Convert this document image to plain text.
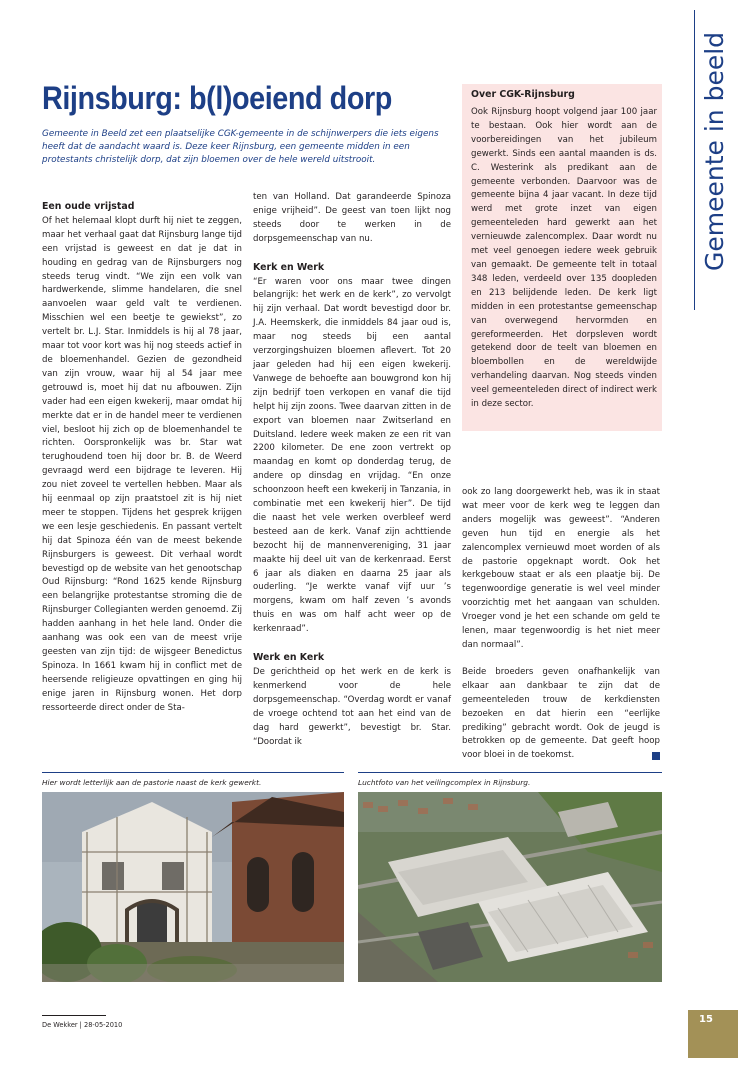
Gemeente in beeld
Rijnsburg: b(l)oeiend dorp
Gemeente in Beeld zet een plaatselijke CGK-gemeente in de schijnwerpers die iets eigens heeft dat de aandacht waard is. Deze keer Rijnsburg, een gemeente midden in een protestants christelijk dorp, dat zijn bloemen over de hele wereld uitstrooit.
Een oude vrijstad

Of het helemaal klopt durft hij niet te zeggen, maar het verhaal gaat dat Rijnsburg lange tijd een vrijstad is geweest en dat je dat in houding en gedrag van de Rijnsburgers nog steeds terug vindt. “We zijn een volk van hardwerkende, slimme handelaren, die snel aanvoelen waar geld valt te verdienen. Misschien wel een beetje te gewiekst”, zo vertelt br. L.J. Star. Inmiddels is hij al 78 jaar, maar tot voor kort was hij nog steeds actief in de bloemenhandel. Gezien de gezondheid van zijn vrouw, waar hij al 54 jaar mee getrouwd is, moet hij dat nu afbouwen. Zijn vader had een eigen kwekerij, maar omdat hij merkte dat er in de handel meer te verdienen viel, besloot hij zich op de bloemenhandel te richten. Oorspronkelijk was br. Star wat terughoudend toen hij door br. B. de Weerd gevraagd werd een bijdrage te leveren. Hij zou niet zoveel te vertellen hebben. Maar als hij eenmaal op zijn praatstoel zit is hij niet meer te stoppen. Tijdens het gesprek krijgen we een lesje geschiedenis. En passant vertelt hij dat Spinoza één van de meest bekende Rijnsburgers is geweest. Dit verhaal wordt bevestigd op de website van het genootschap Oud Rijnsburg: “Rond 1625 kende Rijnsburg een belangrijke protestantse stroming die de Rijnsburger Collegianten werden genoemd. Zij hadden aanhang in het hele land. Onder die aanhang was ook een van de meest vrije geesten van zijn tijd: de wijsgeer Benedictus Spinoza. In 1661 kwam hij in conflict met de heersende religieuze opvattingen en ging hij enige jaren in Rijnsburg wonen. Het dorp ressorteerde direct onder de Sta-

ten van Holland. Dat garandeerde Spinoza enige vrijheid”. De geest van toen lijkt nog steeds door te werken in de dorpsgemeenschap van nu.

Kerk en Werk

“Er waren voor ons maar twee dingen belangrijk: het werk en de kerk”, zo vervolgt hij zijn verhaal. Dat wordt bevestigd door br. J.A. Heemskerk, die inmiddels 84 jaar oud is, maar nog steeds bij een aantal verzorgingshuizen bloemen aflevert. Tot 20 jaar geleden had hij een eigen kwekerij. Vanwege de behoefte aan bouwgrond kon hij zijn bedrijf toen verkopen en vanaf die tijd helpt hij zijn zoons. Twee daarvan zitten in de export van bloemen naar Zwitserland en Duitsland. Iedere week maken ze een rit van 2200 kilometer. De ene zoon vertrekt op maandag en komt op donderdag terug, de andere op dinsdag en vrijdag. “En onze schoonzoon heeft een kwekerij in Tanzania, in combinatie met een kwekerij hier”. De tijd die naast het vele werken overbleef werd besteed aan de kerk. Vanaf zijn achttiende bezocht hij de mannenvereniging, 31 jaar maakte hij deel uit van de kerkenraad. Eerst 6 jaar als diaken en daarna 25 jaar als ouderling. “Je werkte vanaf vijf uur ’s morgens, kwam om half zeven ’s avonds thuis en was om half acht weer op de kerkenraad”.

Werk en Kerk

De gerichtheid op het werk en de kerk is kenmerkend voor de hele dorpsgemeenschap. “Overdag wordt er vanaf de vroege ochtend tot aan het eind van de dag hard gewerkt”, bevestigt br. Star. “Doordat ik

Over CGK-Rijnsburg
Ook Rijnsburg hoopt volgend jaar 100 jaar te bestaan. Ook hier wordt aan de voorbereidingen van het jubileum gewerkt. Sinds een aantal maanden is ds. C. Westerink als predikant aan de gemeente verbonden. Daarvoor was de gemeente bijna 4 jaar vacant. In deze tijd werd met grote inzet van eigen gemeenteleden hard gewerkt aan het vernieuwde zalencomplex. Daar wordt nu met veel genoegen iedere week gebruik van gemaakt. De gemeente telt in totaal 348 leden, verdeeld over 135 doopleden en 213 belijdende leden. De kerk ligt midden in een protestantse gemeenschap van overwegend hervormden en gereformeerden. Het dorpsleven wordt getekend door de teelt van bloemen en bloembollen en de wereldwijde verhandeling daarvan. Nog steeds vinden veel gemeenteleden direct of indirect werk in deze sector.

ook zo lang doorgewerkt heb, was ik in staat wat meer voor de kerk weg te leggen dan anders mogelijk was geweest”. “Anderen geven hun tijd en energie als het zalencomplex vernieuwd moet worden of als de pastorie opgeknapt wordt. Ook het kerkgebouw staat er als een plaatje bij. De tegenwoordige generatie is wel veel minder voorzichtig met het aangaan van schulden. Vroeger vond je het een schande om geld te lenen, maar tegenwoordig is het niet meer dan normaal”.

Beide broeders geven onafhankelijk van elkaar aan dankbaar te zijn dat de gemeenteleden trouw de kerkdiensten bezoeken en dat hierin een “eerlijke prediking” gebracht wordt. Ook de jeugd is betrokken op de gemeente. Dat geeft hoop voor bloei in de toekomst.

Hier wordt letterlijk aan de pastorie naast de kerk gewerkt.	Luchtfoto van het veilingcomplex in Rijnsburg.
De Wekker | 28-05-2010	15
